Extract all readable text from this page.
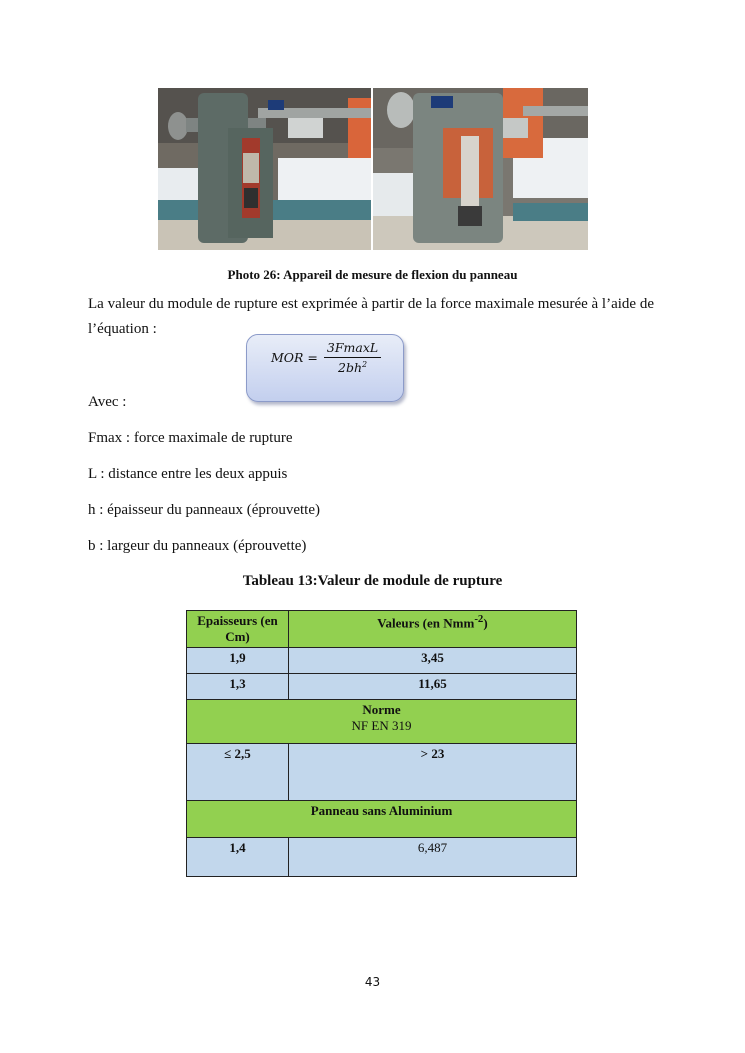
Photo 26: Appareil de mesure de flexion du panneau
La valeur du module de rupture est exprimée à partir de la force maximale mesurée à l’aide de
l’équation :
MOR = $\frac{3FmaxL}{2bh^2}$
Avec :
Fmax : force maximale de rupture
L : distance entre les deux appuis
h : épaisseur du panneaux (éprouvette)
b : largeur du panneaux (éprouvette)
Tableau 13:Valeur de module de rupture
Epaisseurs (en Cm)	Valeurs (en Nmm$^{-2}$)
1,9	3,45
1,3	11,65

Norme
NF EN 319	

≤ 2,5	> 23
Panneau sans Aluminium	
1,4	6,487
43
